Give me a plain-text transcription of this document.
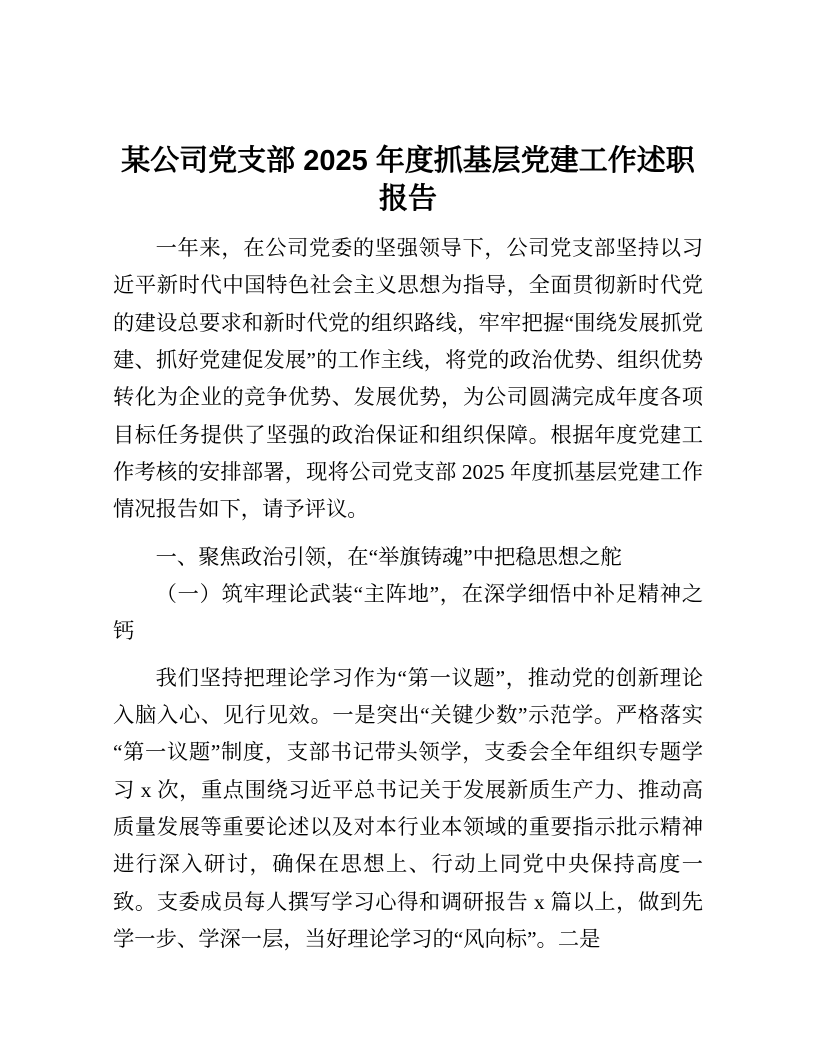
某公司党支部 2025 年度抓基层党建工作述职报告

一年来，在公司党委的坚强领导下，公司党支部坚持以习近平新时代中国特色社会主义思想为指导，全面贯彻新时代党的建设总要求和新时代党的组织路线，牢牢把握“围绕发展抓党建、抓好党建促发展”的工作主线，将党的政治优势、组织优势转化为企业的竞争优势、发展优势，为公司圆满完成年度各项目标任务提供了坚强的政治保证和组织保障。根据年度党建工作考核的安排部署，现将公司党支部 2025 年度抓基层党建工作情况报告如下，请予评议。

一、聚焦政治引领，在“举旗铸魂”中把稳思想之舵

（一）筑牢理论武装“主阵地”，在深学细悟中补足精神之钙

我们坚持把理论学习作为“第一议题”，推动党的创新理论入脑入心、见行见效。一是突出“关键少数”示范学。严格落实“第一议题”制度，支部书记带头领学，支委会全年组织专题学习 x 次，重点围绕习近平总书记关于发展新质生产力、推动高质量发展等重要论述以及对本行业本领域的重要指示批示精神进行深入研讨，确保在思想上、行动上同党中央保持高度一致。支委成员每人撰写学习心得和调研报告 x 篇以上，做到先学一步、学深一层，当好理论学习的“风向标”。二是
